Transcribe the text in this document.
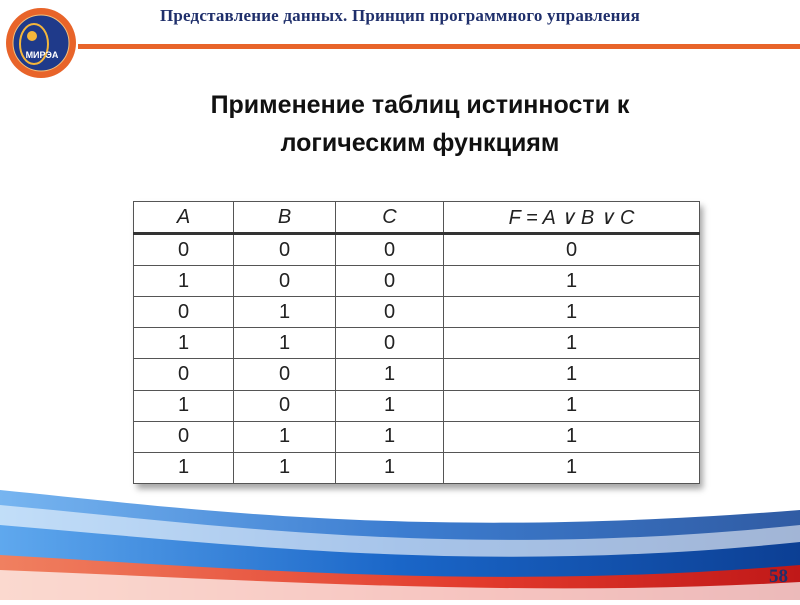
МИРЭА
Представление данных. Принцип программного управления
Применение таблиц истинности к
логическим функциям
A	B	C	F = A ∨ B ∨ C
0	0	0	0
1	0	0	1
0	1	0	1
1	1	0	1
0	0	1	1
1	0	1	1
0	1	1	1
1	1	1	1
58
